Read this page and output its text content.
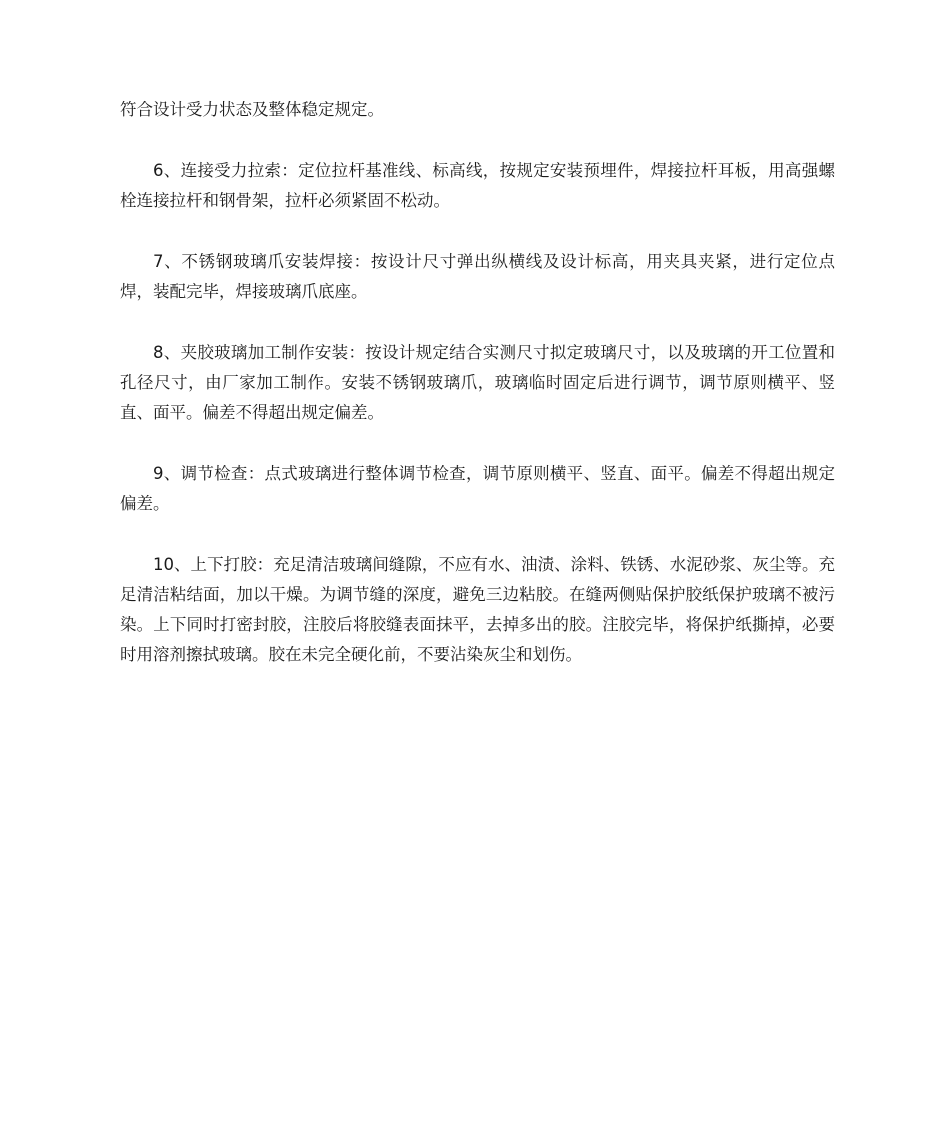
符合设计受力状态及整体稳定规定。

6、连接受力拉索：定位拉杆基准线、标高线，按规定安装预埋件，焊接拉杆耳板，用高强螺栓连接拉杆和钢骨架，拉杆必须紧固不松动。

7、不锈钢玻璃爪安装焊接：按设计尺寸弹出纵横线及设计标高，用夹具夹紧，进行定位点焊，装配完毕，焊接玻璃爪底座。

8、夹胶玻璃加工制作安装：按设计规定结合实测尺寸拟定玻璃尺寸，以及玻璃的开工位置和孔径尺寸，由厂家加工制作。安装不锈钢玻璃爪，玻璃临时固定后进行调节，调节原则横平、竖直、面平。偏差不得超出规定偏差。

9、调节检查：点式玻璃进行整体调节检查，调节原则横平、竖直、面平。偏差不得超出规定偏差。

10、上下打胶：充足清洁玻璃间缝隙，不应有水、油渍、涂料、铁锈、水泥砂浆、灰尘等。充足清洁粘结面，加以干燥。为调节缝的深度，避免三边粘胶。在缝两侧贴保护胶纸保护玻璃不被污染。上下同时打密封胶，注胶后将胶缝表面抹平，去掉多出的胶。注胶完毕，将保护纸撕掉，必要时用溶剂擦拭玻璃。胶在未完全硬化前，不要沾染灰尘和划伤。
